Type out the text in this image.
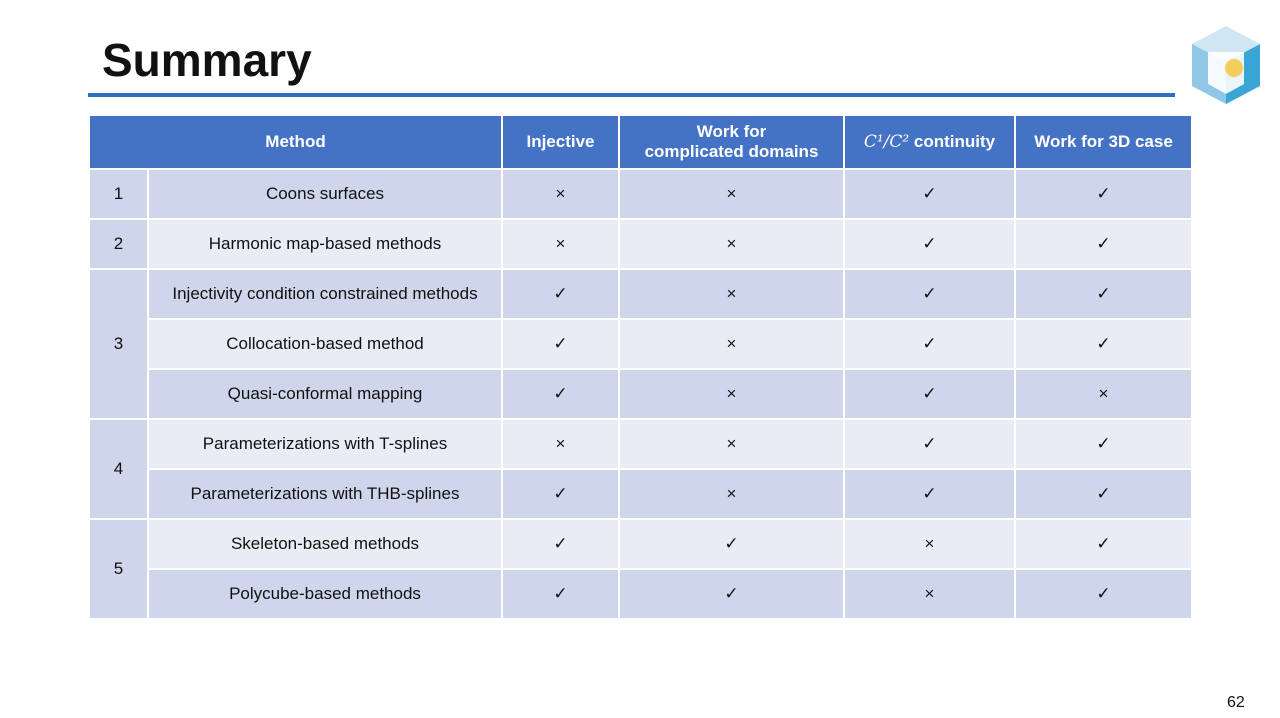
Summary
Method		Injective	Work for
complicated domains	C¹/C² continuity	Work for 3D case
1	Coons surfaces	×	×	✓	✓
2	Harmonic map-based methods	×	×	✓	✓
3	Injectivity condition constrained methods	✓	×	✓	✓
	Collocation-based method	✓	×	✓	✓
	Quasi-conformal mapping	✓	×	✓	×
4	Parameterizations with T-splines	×	×	✓	✓
	Parameterizations with THB-splines	✓	×	✓	✓
5	Skeleton-based methods	✓	✓	×	✓
	Polycube-based methods	✓	✓	×	✓
62
